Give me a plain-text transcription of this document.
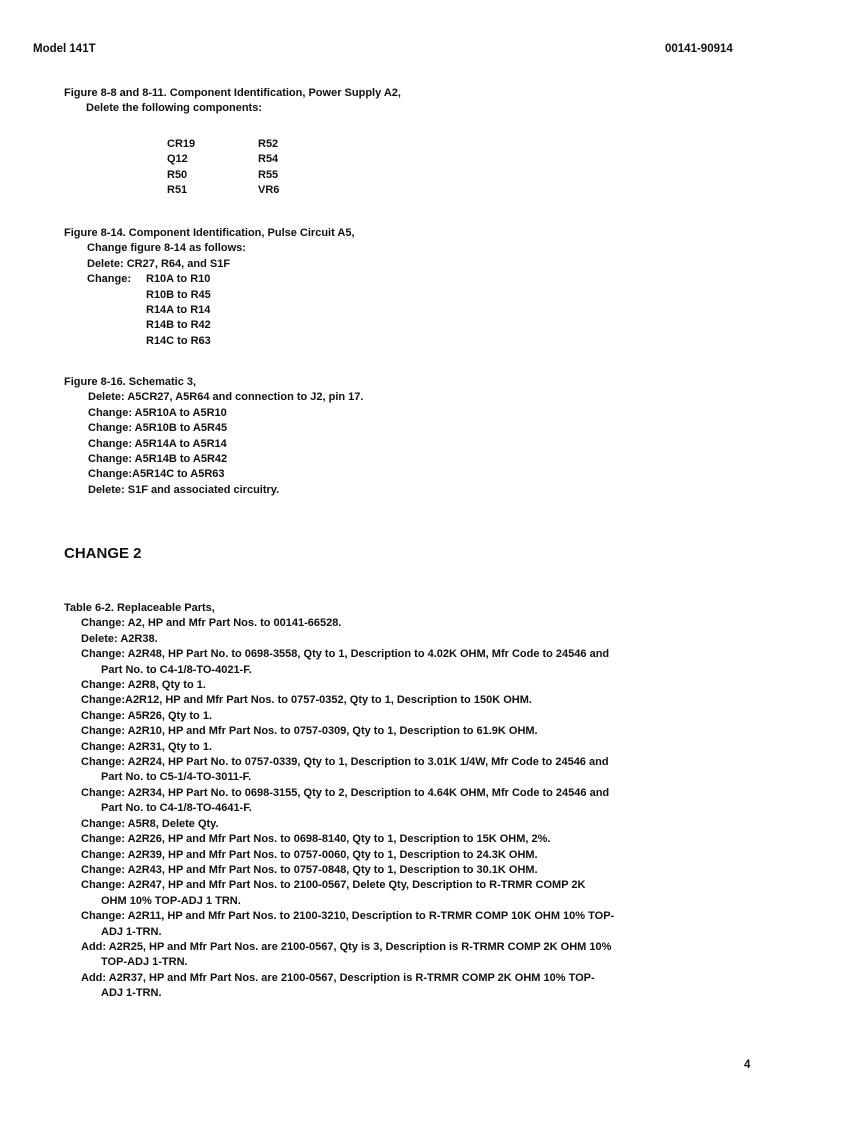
Model 141T	00141-90914
Figure 8-8 and 8-11. Component Identification, Power Supply A2,
Delete the following components:
CR19	R52
Q12	R54
R50	R55
R51	VR6
Figure 8-14. Component Identification, Pulse Circuit A5,
Change figure 8-14 as follows:
Delete: CR27, R64, and S1F
Change: R10A to R10
R10B to R45
R14A to R14
R14B to R42
R14C to R63
Figure 8-16. Schematic 3,
Delete: A5CR27, A5R64 and connection to J2, pin 17.
Change: A5R10A to A5R10
Change: A5R10B to A5R45
Change: A5R14A to A5R14
Change: A5R14B to A5R42
Change:A5R14C to A5R63
Delete: S1F and associated circuitry.
CHANGE 2
Table 6-2. Replaceable Parts,
Change: A2, HP and Mfr Part Nos. to 00141-66528.
Delete: A2R38.
Change: A2R48, HP Part No. to 0698-3558, Qty to 1, Description to 4.02K OHM, Mfr Code to 24546 and
Part No. to C4-1/8-TO-4021-F.
Change: A2R8, Qty to 1.
Change:A2R12, HP and Mfr Part Nos. to 0757-0352, Qty to 1, Description to 150K OHM.
Change: A5R26, Qty to 1.
Change: A2R10, HP and Mfr Part Nos. to 0757-0309, Qty to 1, Description to 61.9K OHM.
Change: A2R31, Qty to 1.
Change: A2R24, HP Part No. to 0757-0339, Qty to 1, Description to 3.01K 1/4W, Mfr Code to 24546 and
Part No. to C5-1/4-TO-3011-F.
Change: A2R34, HP Part No. to 0698-3155, Qty to 2, Description to 4.64K OHM, Mfr Code to 24546 and
Part No. to C4-1/8-TO-4641-F.
Change: A5R8, Delete Qty.
Change: A2R26, HP and Mfr Part Nos. to 0698-8140, Qty to 1, Description to 15K OHM, 2%.
Change: A2R39, HP and Mfr Part Nos. to 0757-0060, Qty to 1, Description to 24.3K OHM.
Change: A2R43, HP and Mfr Part Nos. to 0757-0848, Qty to 1, Description to 30.1K OHM.
Change: A2R47, HP and Mfr Part Nos. to 2100-0567, Delete Qty, Description to R-TRMR COMP 2K
OHM 10% TOP-ADJ 1 TRN.
Change: A2R11, HP and Mfr Part Nos. to 2100-3210, Description to R-TRMR COMP 10K OHM 10% TOP-
ADJ 1-TRN.
Add: A2R25, HP and Mfr Part Nos. are 2100-0567, Qty is 3, Description is R-TRMR COMP 2K OHM 10%
TOP-ADJ 1-TRN.
Add: A2R37, HP and Mfr Part Nos. are 2100-0567, Description is R-TRMR COMP 2K OHM 10% TOP-
ADJ 1-TRN.
4
